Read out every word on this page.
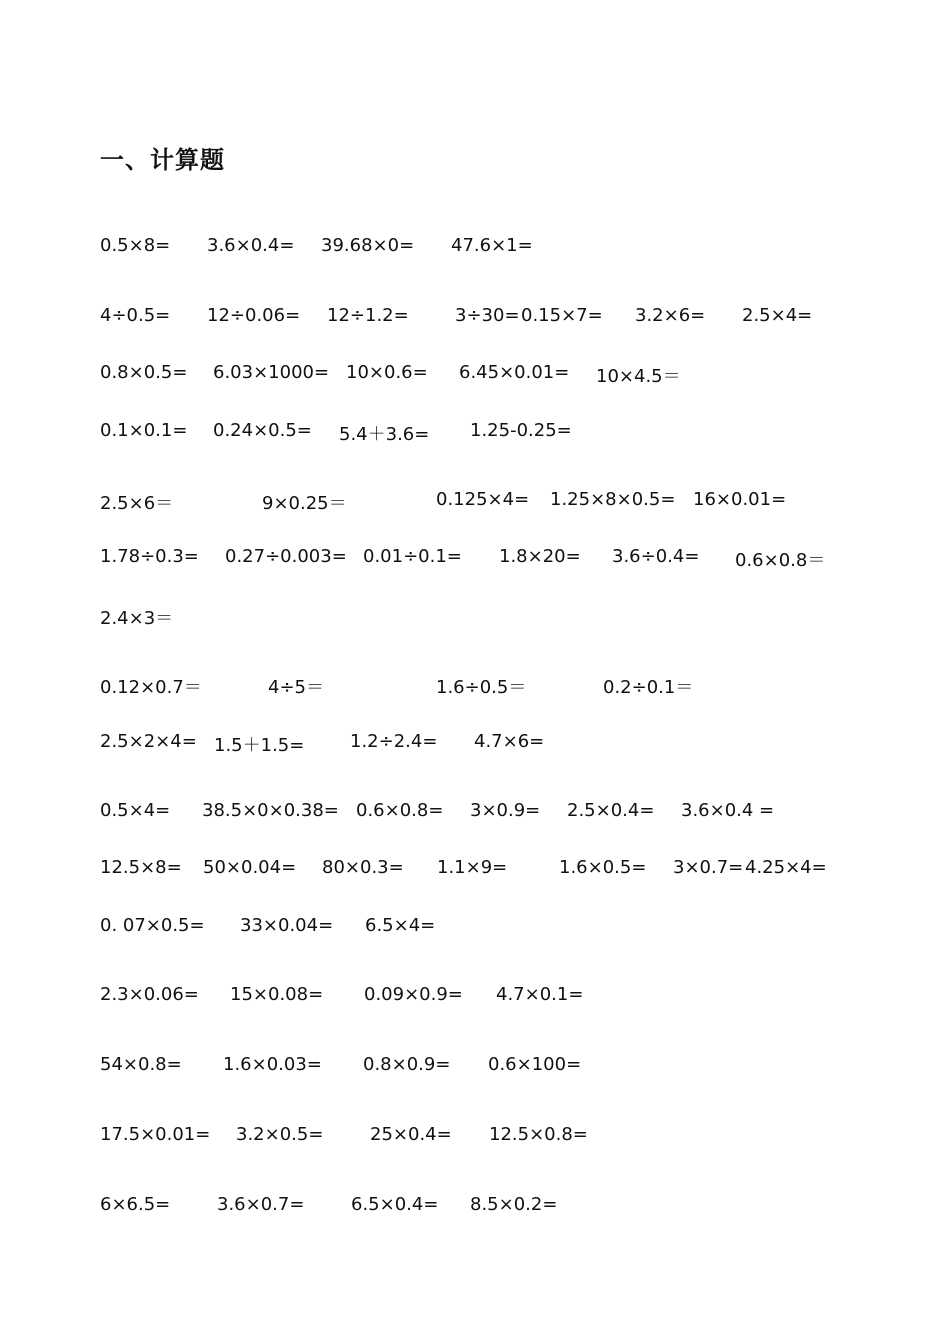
一、计算题
0.5×8= 3.6×0.4= 39.68×0= 47.6×1=
4÷0.5= 12÷0.06= 12÷1.2=	3÷30= 0.15×7= 3.2×6= 2.5×4=
0.8×0.5= 6.03×1000= 10×0.6= 6.45×0.01= 10×4.5＝
0.1×0.1= 0.24×0.5= 5.4＋3.6= 1.25-0.25=
2.5×6＝	9×0.25＝	0.125×4= 1.25×8×0.5= 16×0.01=
1.78÷0.3= 0.27÷0.003= 0.01÷0.1= 1.8×20= 3.6÷0.4= 0.6×0.8＝
2.4×3＝
0.12×0.7＝	4÷5＝	1.6÷0.5＝	0.2÷0.1＝
2.5×2×4= 1.5＋1.5=	1.2÷2.4= 4.7×6=
0.5×4= 38.5×0×0.38= 0.6×0.8= 3×0.9= 2.5×0.4= 3.6×0.4 =
12.5×8= 50×0.04= 80×0.3= 1.1×9=	1.6×0.5= 3×0.7= 4.25×4=
0. 07×0.5= 33×0.04= 6.5×4=
2.3×0.06= 15×0.08= 0.09×0.9= 4.7×0.1=
54×0.8= 1.6×0.03= 0.8×0.9= 0.6×100=
17.5×0.01= 3.2×0.5=	25×0.4= 12.5×0.8=
6×6.5=	3.6×0.7=	6.5×0.4= 8.5×0.2=
